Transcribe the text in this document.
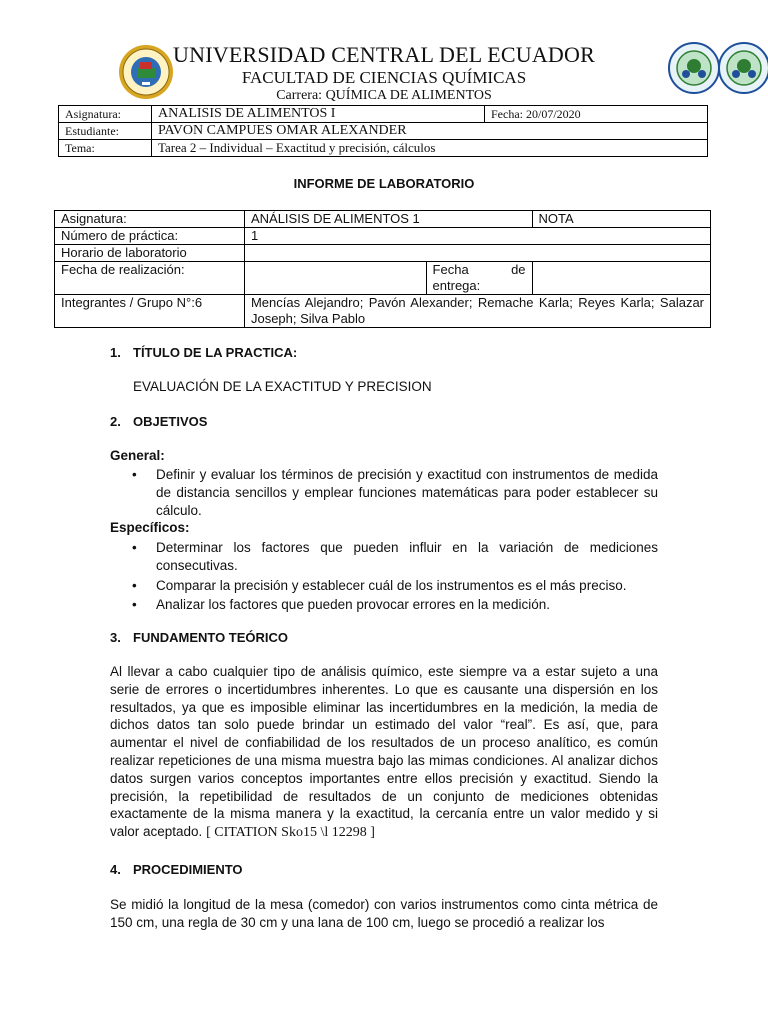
UNIVERSIDAD CENTRAL DEL ECUADOR
FACULTAD DE CIENCIAS QUÍMICAS
Carrera: QUÍMICA DE ALIMENTOS
Asignatura:	ANALISIS DE ALIMENTOS I	Fecha: 20/07/2020
Estudiante:	PAVON CAMPUES OMAR ALEXANDER	
Tema:	Tarea 2 – Individual – Exactitud y precisión, cálculos	
INFORME DE LABORATORIO
Asignatura:	ANÁLISIS DE ALIMENTOS 1		NOTA
Número de práctica:	1		
Horario de laboratorio			
Fecha de realización:		Fecha de
entrega:	

Integrantes / Grupo N°:6	Mencías Alejandro; Pavón Alexander; Remache Karla; Reyes Karla; Salazar Joseph; Silva Pablo		
1. TÍTULO DE LA PRACTICA:
EVALUACIÓN DE LA EXACTITUD Y PRECISION
2. OBJETIVOS
General:
• Definir y evaluar los términos de precisión y exactitud con instrumentos de medida de distancia sencillos y emplear funciones matemáticas para poder establecer su cálculo.
Específicos:
• Determinar los factores que pueden influir en la variación de mediciones consecutivas.
• Comparar la precisión y establecer cuál de los instrumentos es el más preciso.
• Analizar los factores que pueden provocar errores en la medición.
3. FUNDAMENTO TEÓRICO
Al llevar a cabo cualquier tipo de análisis químico, este siempre va a estar sujeto a una serie de errores o incertidumbres inherentes. Lo que es causante una dispersión en los resultados, ya que es imposible eliminar las incertidumbres en la medición, la media de dichos datos tan solo puede brindar un estimado del valor “real”. Es así, que, para aumentar el nivel de confiabilidad de los resultados de un proceso analítico, es común realizar repeticiones de una misma muestra bajo las mimas condiciones. Al analizar dichos datos surgen varios conceptos importantes entre ellos precisión y exactitud. Siendo la precisión, la repetibilidad de resultados de un conjunto de mediciones obtenidas exactamente de la misma manera y la exactitud, la cercanía entre un valor medido y si valor aceptado. [ CITATION Sko15 \l 12298 ]
4. PROCEDIMIENTO
Se midió la longitud de la mesa (comedor) con varios instrumentos como cinta métrica de 150 cm, una regla de 30 cm y una lana de 100 cm, luego se procedió a realizar los
